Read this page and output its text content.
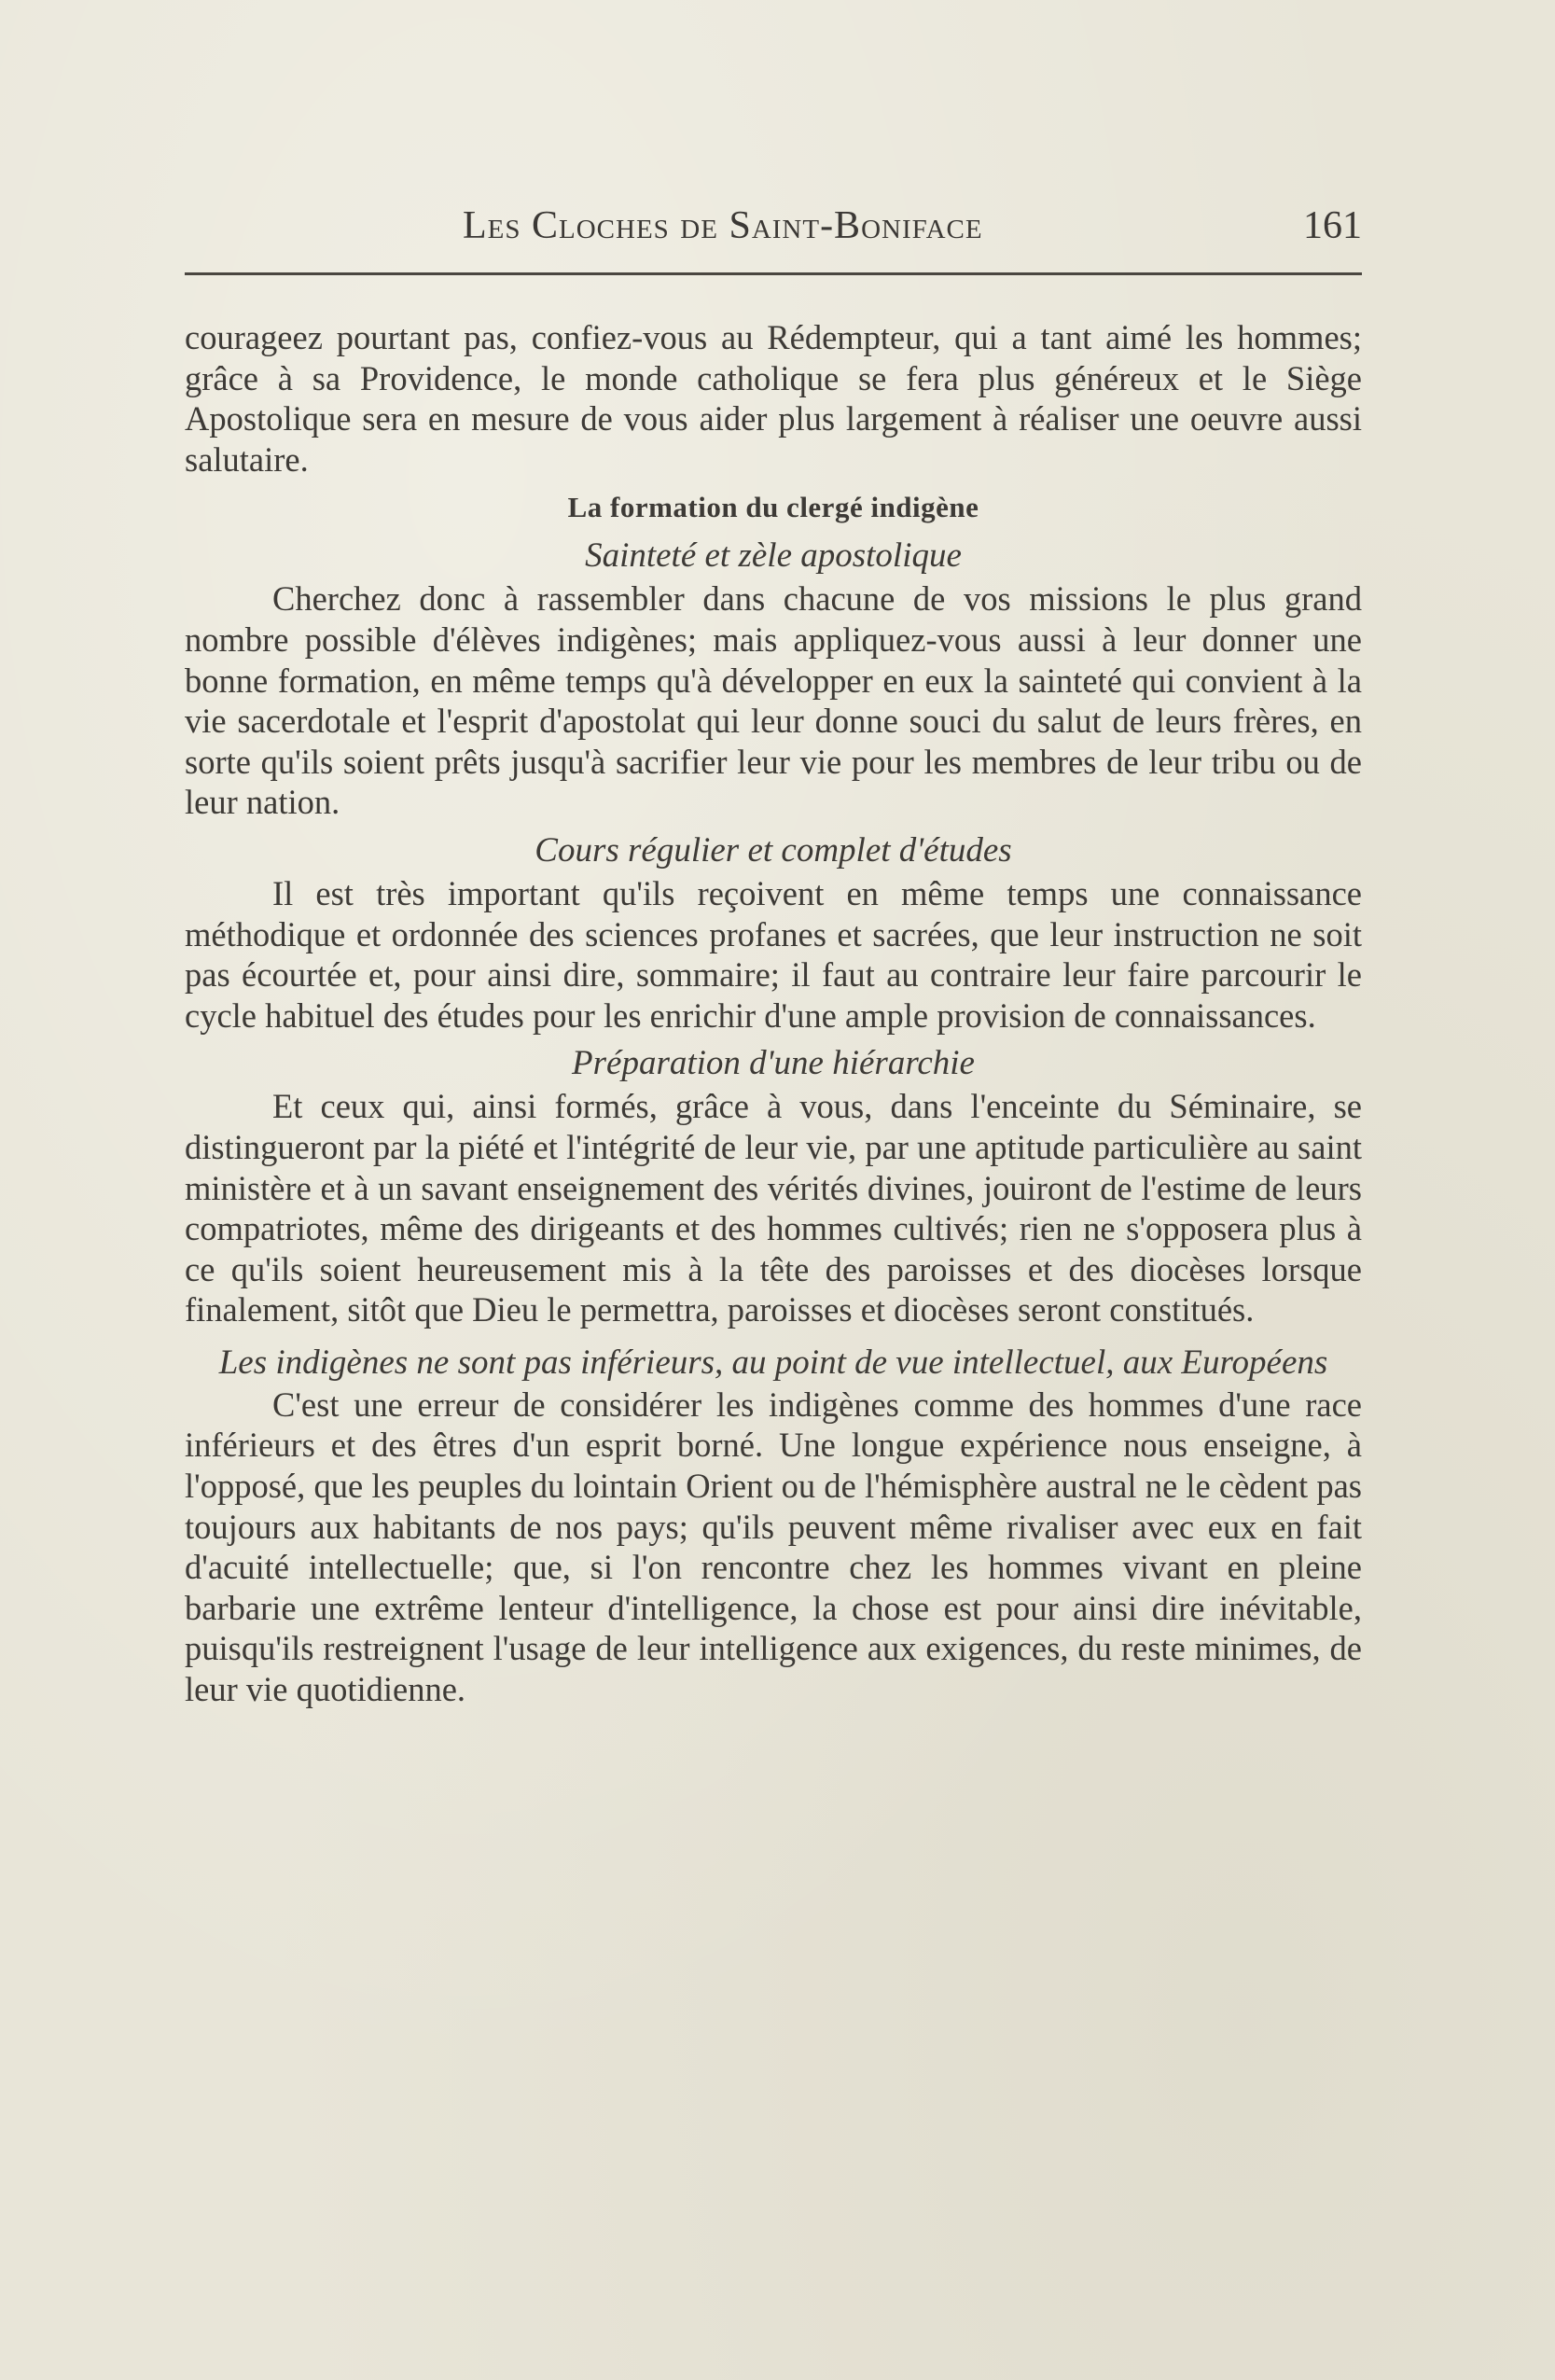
Les Cloches de Saint-Boniface	161

courageez pourtant pas, confiez-vous au Rédempteur, qui a tant aimé les hommes; grâce à sa Providence, le monde catholique se fera plus généreux et le Siège Apostolique sera en mesure de vous aider plus largement à réaliser une oeuvre aussi salutaire.

La formation du clergé indigène
Sainteté et zèle apostolique

Cherchez donc à rassembler dans chacune de vos missions le plus grand nombre possible d'élèves indigènes; mais appliquez-vous aussi à leur donner une bonne formation, en même temps qu'à développer en eux la sainteté qui convient à la vie sacerdotale et l'esprit d'apostolat qui leur donne souci du salut de leurs frères, en sorte qu'ils soient prêts jusqu'à sacrifier leur vie pour les membres de leur tribu ou de leur nation.

Cours régulier et complet d'études

Il est très important qu'ils reçoivent en même temps une connaissance méthodique et ordonnée des sciences profanes et sacrées, que leur instruction ne soit pas écourtée et, pour ainsi dire, sommaire; il faut au contraire leur faire parcourir le cycle habituel des études pour les enrichir d'une ample provision de connaissances.

Préparation d'une hiérarchie

Et ceux qui, ainsi formés, grâce à vous, dans l'enceinte du Séminaire, se distingueront par la piété et l'intégrité de leur vie, par une aptitude particulière au saint ministère et à un savant enseignement des vérités divines, jouiront de l'estime de leurs compatriotes, même des dirigeants et des hommes cultivés; rien ne s'opposera plus à ce qu'ils soient heureusement mis à la tête des paroisses et des diocèses lorsque finalement, sitôt que Dieu le permettra, paroisses et diocèses seront constitués.

Les indigènes ne sont pas inférieurs, au point de vue intellectuel, aux Européens

C'est une erreur de considérer les indigènes comme des hommes d'une race inférieurs et des êtres d'un esprit borné. Une longue expérience nous enseigne, à l'opposé, que les peuples du lointain Orient ou de l'hémisphère austral ne le cèdent pas toujours aux habitants de nos pays; qu'ils peuvent même rivaliser avec eux en fait d'acuité intellectuelle; que, si l'on rencontre chez les hommes vivant en pleine barbarie une extrême lenteur d'intelligence, la chose est pour ainsi dire inévitable, puisqu'ils restreignent l'usage de leur intelligence aux exigences, du reste minimes, de leur vie quotidienne.
